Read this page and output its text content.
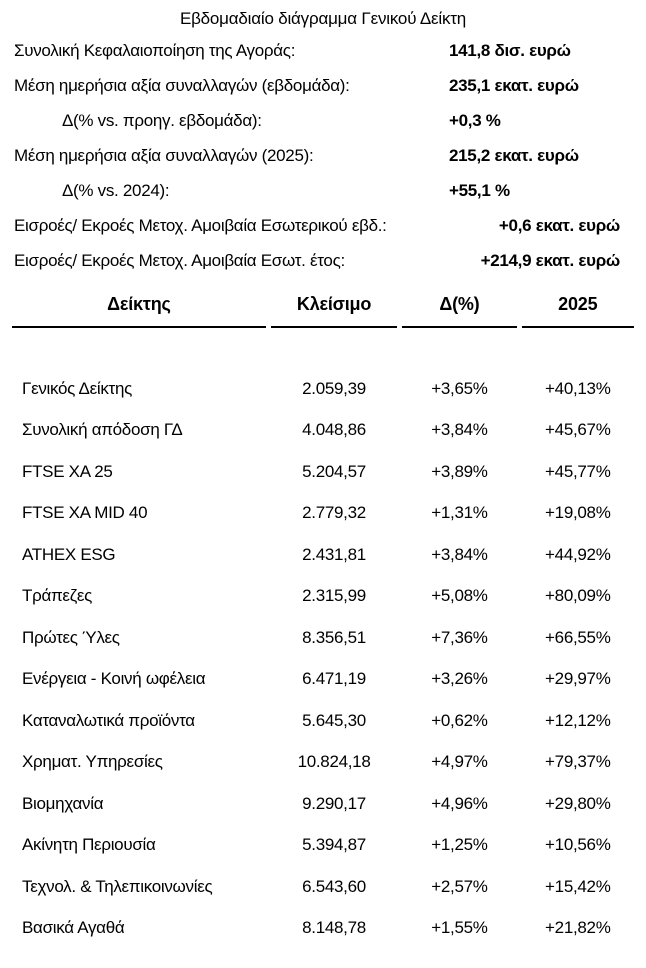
Εβδομαδιαίο διάγραμμα Γενικού Δείκτη
Συνολική Κεφαλαιοποίηση της Αγοράς:	141,8 δισ. ευρώ
Μέση ημερήσια αξία συναλλαγών (εβδομάδα):	235,1 εκατ. ευρώ
Δ(% vs. προηγ. εβδομάδα):	+0,3 %
Μέση ημερήσια αξία συναλλαγών (2025):	215,2 εκατ. ευρώ
Δ(% vs. 2024):	+55,1 %
Εισροές/ Εκροές Μετοχ. Αμοιβαία Εσωτερικού εβδ.:	+0,6 εκατ. ευρώ
Εισροές/ Εκροές Μετοχ. Αμοιβαία Εσωτ. έτος:	+214,9 εκατ. ευρώ
Δείκτης	Κλείσιμο	Δ(%)	2025

Γενικός Δείκτης	2.059,39	+3,65%	+40,13%
Συνολική απόδοση ΓΔ	4.048,86	+3,84%	+45,67%
FTSE XA 25	5.204,57	+3,89%	+45,77%
FTSE XA MID 40	2.779,32	+1,31%	+19,08%
ATHEX ESG	2.431,81	+3,84%	+44,92%
Τράπεζες	2.315,99	+5,08%	+80,09%
Πρώτες Ύλες	8.356,51	+7,36%	+66,55%
Ενέργεια - Κοινή ωφέλεια	6.471,19	+3,26%	+29,97%
Καταναλωτικά προϊόντα	5.645,30	+0,62%	+12,12%
Χρηματ. Υπηρεσίες	10.824,18	+4,97%	+79,37%
Βιομηχανία	9.290,17	+4,96%	+29,80%
Ακίνητη Περιουσία	5.394,87	+1,25%	+10,56%
Τεχνολ. & Τηλεπικοινωνίες	6.543,60	+2,57%	+15,42%
Βασικά Αγαθά	8.148,78	+1,55%	+21,82%
